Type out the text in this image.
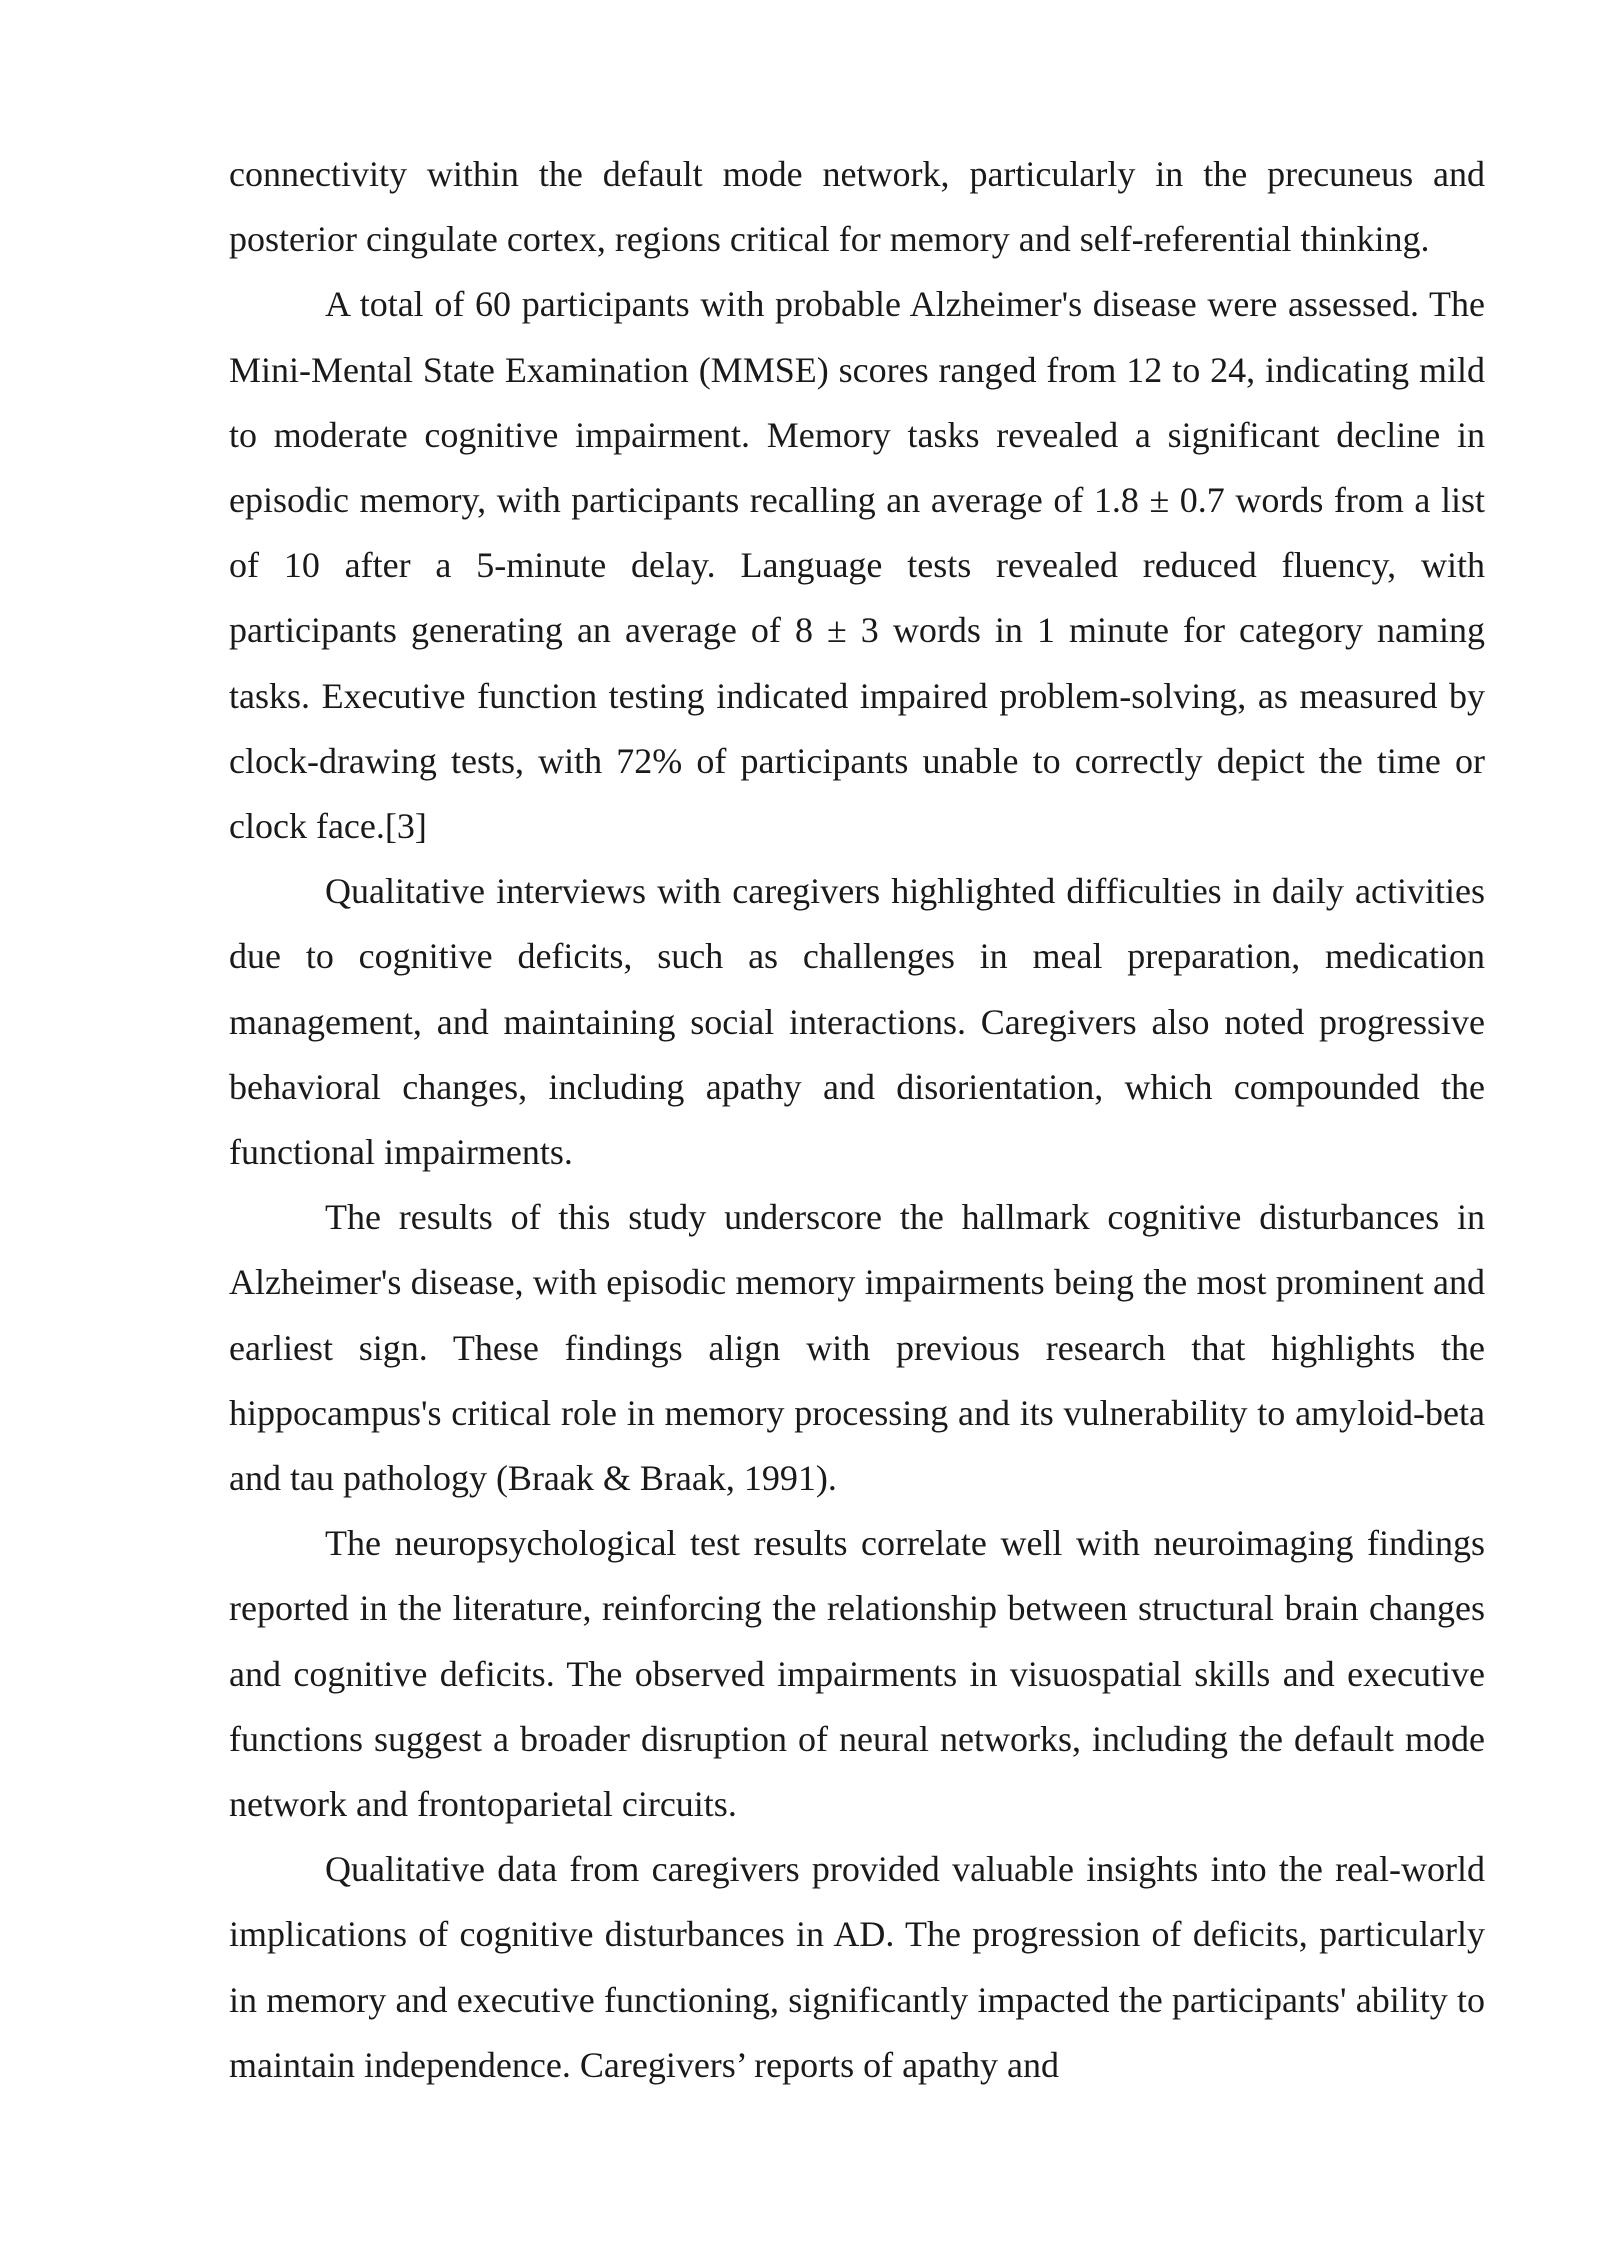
connectivity within the default mode network, particularly in the precuneus and posterior cingulate cortex, regions critical for memory and self-referential thinking.

A total of 60 participants with probable Alzheimer's disease were assessed. The Mini-Mental State Examination (MMSE) scores ranged from 12 to 24, indicating mild to moderate cognitive impairment. Memory tasks revealed a significant decline in episodic memory, with participants recalling an average of 1.8 ± 0.7 words from a list of 10 after a 5-minute delay. Language tests revealed reduced fluency, with participants generating an average of 8 ± 3 words in 1 minute for category naming tasks. Executive function testing indicated impaired problem-solving, as measured by clock-drawing tests, with 72% of participants unable to correctly depict the time or clock face.[3]

Qualitative interviews with caregivers highlighted difficulties in daily activities due to cognitive deficits, such as challenges in meal preparation, medication management, and maintaining social interactions. Caregivers also noted progressive behavioral changes, including apathy and disorientation, which compounded the functional impairments.

The results of this study underscore the hallmark cognitive disturbances in Alzheimer's disease, with episodic memory impairments being the most prominent and earliest sign. These findings align with previous research that highlights the hippocampus's critical role in memory processing and its vulnerability to amyloid-beta and tau pathology (Braak & Braak, 1991).

The neuropsychological test results correlate well with neuroimaging findings reported in the literature, reinforcing the relationship between structural brain changes and cognitive deficits. The observed impairments in visuospatial skills and executive functions suggest a broader disruption of neural networks, including the default mode network and frontoparietal circuits.

Qualitative data from caregivers provided valuable insights into the real-world implications of cognitive disturbances in AD. The progression of deficits, particularly in memory and executive functioning, significantly impacted the participants' ability to maintain independence. Caregivers’ reports of apathy and
